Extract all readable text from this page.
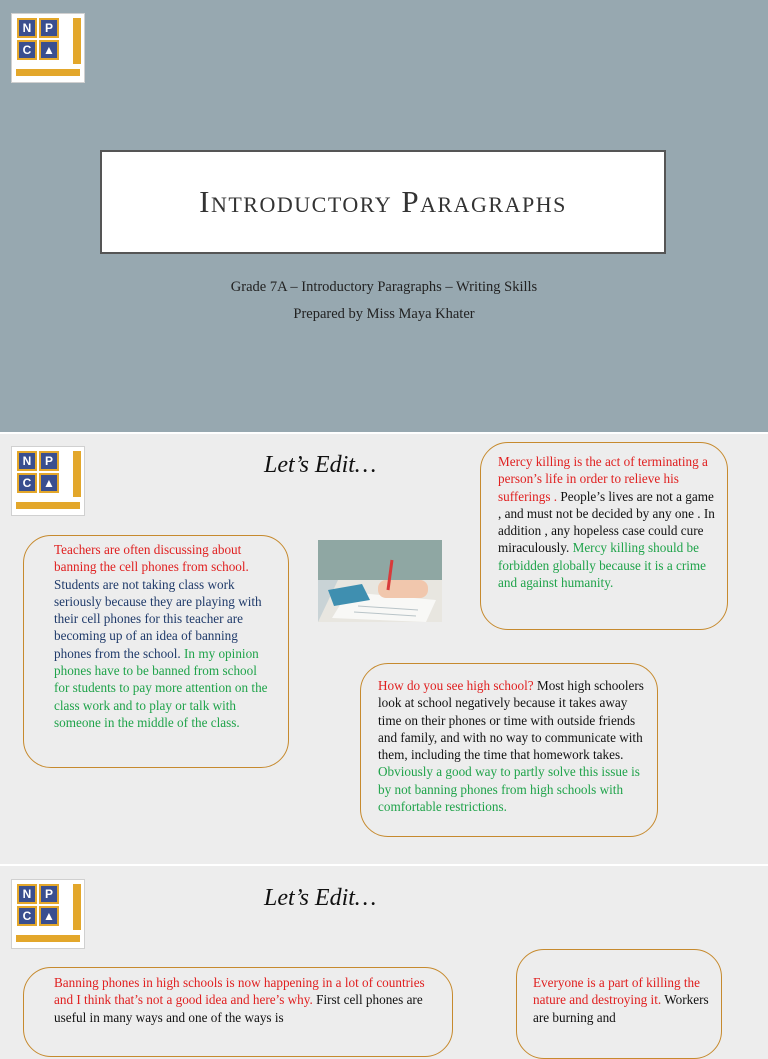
N	P
C ▲
Introductory Paragraphs
Grade 7A – Introductory Paragraphs – Writing Skills
Prepared by Miss Maya Khater
N	P
C ▲
Let’s Edit…

Teachers are often discussing about banning the cell phones from school. Students are not taking class work seriously because they are playing with their cell phones for this teacher are becoming up of an idea of banning phones from the school. In my opinion phones have to be banned from school for students to pay more attention on the class work and to play or talk with someone in the middle of the class.

Mercy killing is the act of terminating a person’s life in order to relieve his sufferings . People’s lives are not a game , and must not be decided by any one . In addition , any hopeless case could cure miraculously. Mercy killing should be forbidden globally because it is a crime and against humanity.

How do you see high school? Most high schoolers look at school negatively because it takes away time on their phones or time with outside friends and family, and with no way to communicate with them, including the time that homework takes. Obviously a good way to partly solve this issue is by not banning phones from high schools with comfortable restrictions.

N	P
C ▲
Let’s Edit…

Banning phones in high schools is now happening in a lot of countries and I think that’s not a good idea and here’s why. First cell phones are useful in many ways and one of the ways is

Everyone is a part of killing the nature and destroying it. Workers are burning and
